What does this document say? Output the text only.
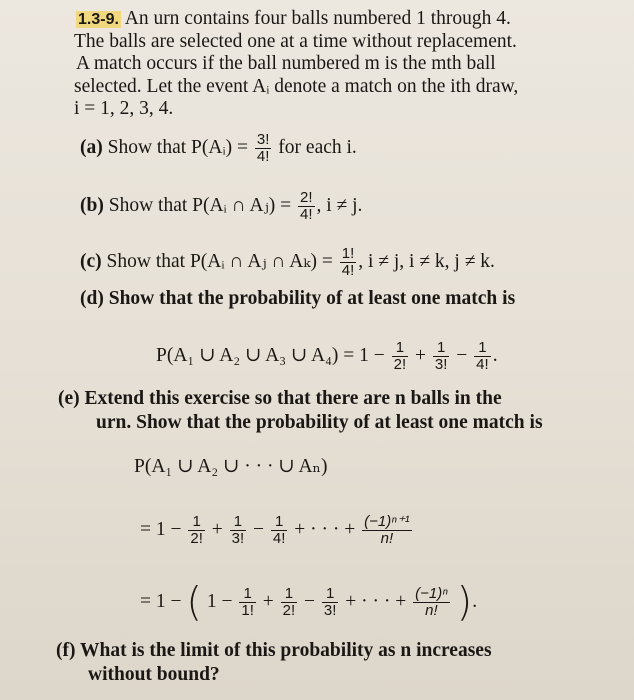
1.3-9. An urn contains four balls numbered 1 through 4.
The balls are selected one at a time without replacement.
A match occurs if the ball numbered m is the mth ball
selected. Let the event Aᵢ denote a match on the ith draw,
i = 1, 2, 3, 4.
(a) Show that P(Aᵢ) = $\frac{3!}{4!}$ for each i.
(b) Show that P(Aᵢ ∩ Aⱼ) = $\frac{2!}{4!}$ , i ≠ j.
(c) Show that P(Aᵢ ∩ Aⱼ ∩ $A_k) = \frac{1!}{4!}$ , i ≠ j, i ≠ k, j ≠ k.
(d) Show that the probability of at least one match is
P(A₁ ∪ A₂ ∪ A₃ ∪ $A_4) = 1 - \frac{1}{2!} + \frac{1}{3!} - \frac{1}{4!}$ .
(e) Extend this exercise so that there are n balls in the
urn. Show that the probability of at least one match is
P(A₁ ∪ A₂ ∪ · · · ∪ Aₙ)
= $1 - \frac{1}{2!} + \frac{1}{3!} - \frac{1}{4!}$ + · · · + $\frac{\text{(−1)ⁿ⁺¹}}{n!}$
= 1 − ( $1 - \frac{1}{1!} + \frac{1}{2!} - \frac{1}{3!}$ + · · · + $\frac{\text{(−1)ⁿ}}{n!}$ ).
(f) What is the limit of this probability as n increases
without bound?
